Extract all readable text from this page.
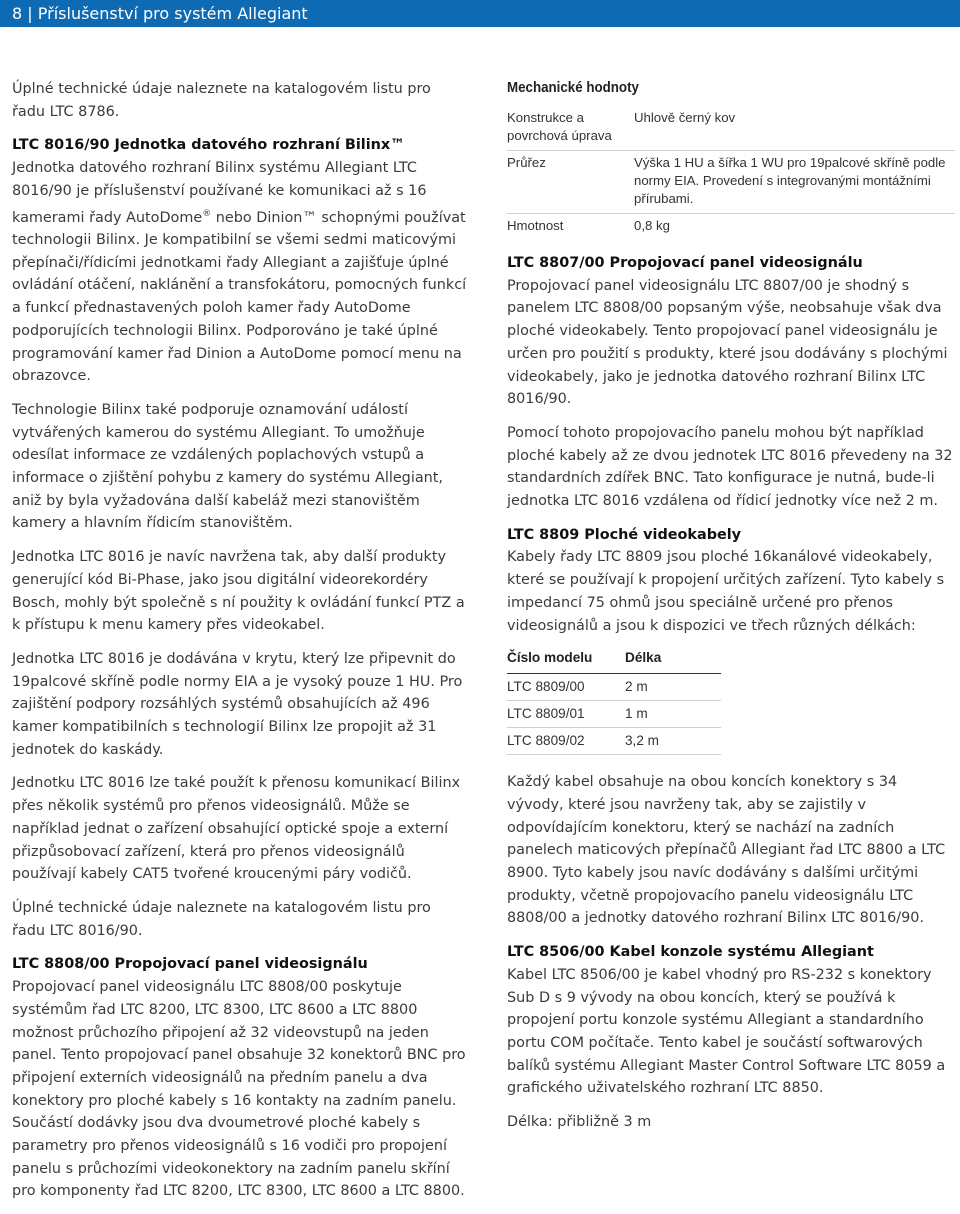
8 | Příslušenství pro systém Allegiant

Úplné technické údaje naleznete na katalogovém listu pro řadu LTC 8786.

LTC 8016/90 Jednotka datového rozhraní Bilinx™

Jednotka datového rozhraní Bilinx systému Allegiant LTC 8016/90 je příslušenství používané ke komunikaci až s 16 kamerami řady AutoDome® nebo Dinion™ schopnými používat technologii Bilinx. Je kompatibilní se všemi sedmi maticovými přepínači/řídicími jednotkami řady Allegiant a zajišťuje úplné ovládání otáčení, naklánění a transfokátoru, pomocných funkcí a funkcí přednastavených poloh kamer řady AutoDome podporujících technologii Bilinx. Podporováno je také úplné programování kamer řad Dinion a AutoDome pomocí menu na obrazovce.

Technologie Bilinx také podporuje oznamování událostí vytvářených kamerou do systému Allegiant. To umožňuje odesílat informace ze vzdálených poplachových vstupů a informace o zjištění pohybu z kamery do systému Allegiant, aniž by byla vyžadována další kabeláž mezi stanovištěm kamery a hlavním řídicím stanovištěm.

Jednotka LTC 8016 je navíc navržena tak, aby další produkty generující kód Bi-Phase, jako jsou digitální videorekordéry Bosch, mohly být společně s ní použity k ovládání funkcí PTZ a k přístupu k menu kamery přes videokabel.

Jednotka LTC 8016 je dodávána v krytu, který lze připevnit do 19palcové skříně podle normy EIA a je vysoký pouze 1 HU. Pro zajištění podpory rozsáhlých systémů obsahujících až 496 kamer kompatibilních s technologií Bilinx lze propojit až 31 jednotek do kaskády.

Jednotku LTC 8016 lze také použít k přenosu komunikací Bilinx přes několik systémů pro přenos videosignálů. Může se například jednat o zařízení obsahující optické spoje a externí přizpůsobovací zařízení, která pro přenos videosignálů používají kabely CAT5 tvořené kroucenými páry vodičů.

Úplné technické údaje naleznete na katalogovém listu pro řadu LTC 8016/90.

LTC 8808/00 Propojovací panel videosignálu

Propojovací panel videosignálu LTC 8808/00 poskytuje systémům řad LTC 8200, LTC 8300, LTC 8600 a LTC 8800 možnost průchozího připojení až 32 videovstupů na jeden panel. Tento propojovací panel obsahuje 32 konektorů BNC pro připojení externích videosignálů na předním panelu a dva konektory pro ploché kabely s 16 kontakty na zadním panelu. Součástí dodávky jsou dva dvoumetrové ploché kabely s parametry pro přenos videosignálů s 16 vodiči pro propojení panelu s průchozími videokonektory na zadním panelu skříní pro komponenty řad LTC 8200, LTC 8300, LTC 8600 a LTC 8800.

Mechanické hodnoty
Konstrukce a povrchová úprava	Uhlově černý kov
Průřez	Výška 1 HU a šířka 1 WU pro 19palcové skříně podle normy EIA. Provedení s integrovanými montážními přírubami.
Hmotnost	0,8 kg
LTC 8807/00 Propojovací panel videosignálu

Propojovací panel videosignálu LTC 8807/00 je shodný s panelem LTC 8808/00 popsaným výše, neobsahuje však dva ploché videokabely. Tento propojovací panel videosignálu je určen pro použití s produkty, které jsou dodávány s plochými videokabely, jako je jednotka datového rozhraní Bilinx LTC 8016/90.

Pomocí tohoto propojovacího panelu mohou být například ploché kabely až ze dvou jednotek LTC 8016 převedeny na 32 standardních zdířek BNC. Tato konfigurace je nutná, bude-li jednotka LTC 8016 vzdálena od řídicí jednotky více než 2 m.

LTC 8809 Ploché videokabely

Kabely řady LTC 8809 jsou ploché 16kanálové videokabely, které se používají k propojení určitých zařízení. Tyto kabely s impedancí 75 ohmů jsou speciálně určené pro přenos videosignálů a jsou k dispozici ve třech různých délkách:

Číslo modelu	Délka
LTC 8809/00	2 m
LTC 8809/01	1 m
LTC 8809/02	3,2 m

Každý kabel obsahuje na obou koncích konektory s 34 vývody, které jsou navrženy tak, aby se zajistily v odpovídajícím konektoru, který se nachází na zadních panelech maticových přepínačů Allegiant řad LTC 8800 a LTC 8900. Tyto kabely jsou navíc dodávány s dalšími určitými produkty, včetně propojovacího panelu videosignálu LTC 8808/00 a jednotky datového rozhraní Bilinx LTC 8016/90.

LTC 8506/00 Kabel konzole systému Allegiant

Kabel LTC 8506/00 je kabel vhodný pro RS-232 s konektory Sub D s 9 vývody na obou koncích, který se používá k propojení portu konzole systému Allegiant a standardního portu COM počítače. Tento kabel je součástí softwarových balíků systému Allegiant Master Control Software LTC 8059 a grafického uživatelského rozhraní LTC 8850.

Délka: přibližně 3 m
